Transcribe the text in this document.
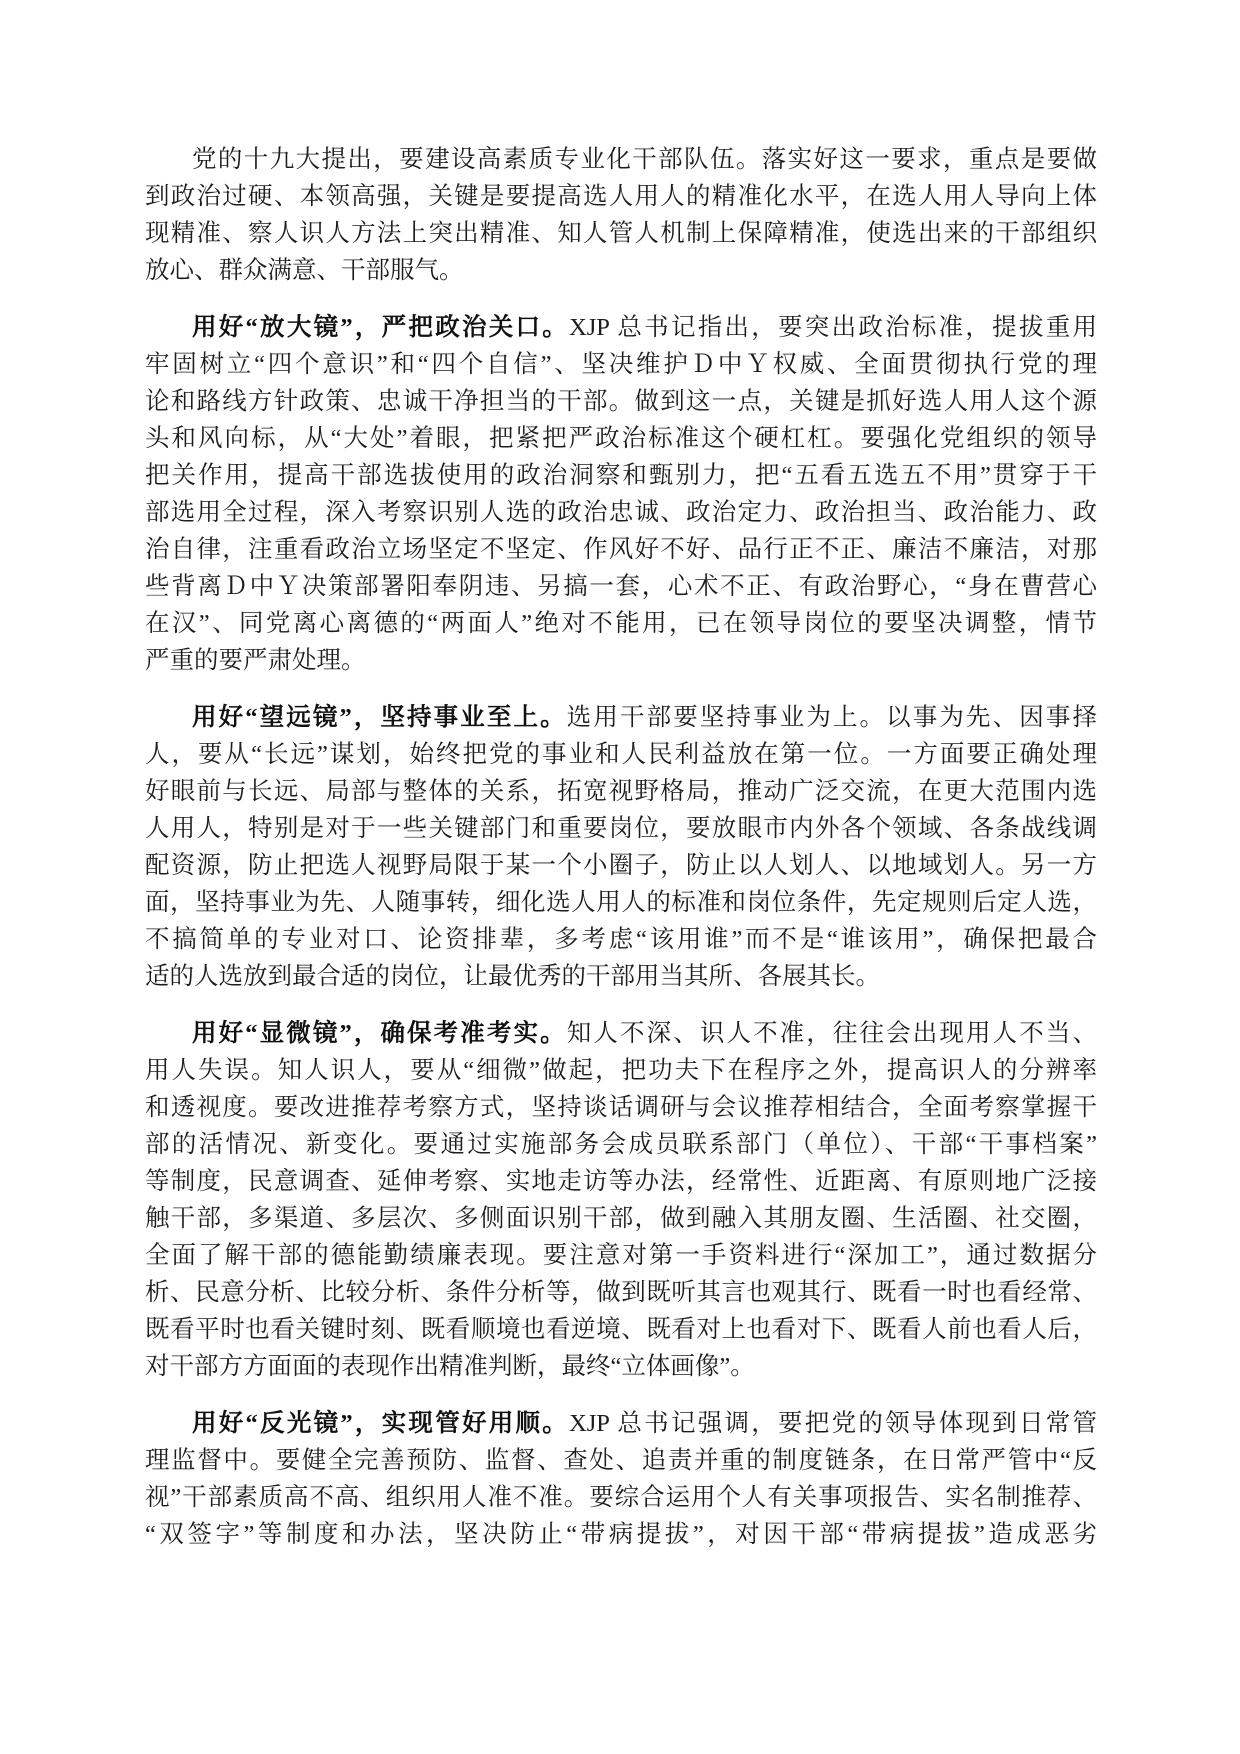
党的十九大提出，要建设高素质专业化干部队伍。落实好这一要求，重点是要做
到政治过硬、本领高强，关键是要提高选人用人的精准化水平，在选人用人导向上体
现精准、察人识人方法上突出精准、知人管人机制上保障精准，使选出来的干部组织
放心、群众满意、干部服气。
用好“放大镜”，严把政治关口。XJP 总书记指出，要突出政治标准，提拔重用
牢固树立“四个意识”和“四个自信”、坚决维护Ｄ中Ｙ权威、全面贯彻执行党的理
论和路线方针政策、忠诚干净担当的干部。做到这一点，关键是抓好选人用人这个源
头和风向标，从“大处”着眼，把紧把严政治标准这个硬杠杠。要强化党组织的领导
把关作用，提高干部选拔使用的政治洞察和甄别力，把“五看五选五不用”贯穿于干
部选用全过程，深入考察识别人选的政治忠诚、政治定力、政治担当、政治能力、政
治自律，注重看政治立场坚定不坚定、作风好不好、品行正不正、廉洁不廉洁，对那
些背离Ｄ中Ｙ决策部署阳奉阴违、另搞一套，心术不正、有政治野心，“身在曹营心
在汉”、同党离心离德的“两面人”绝对不能用，已在领导岗位的要坚决调整，情节
严重的要严肃处理。
用好“望远镜”，坚持事业至上。选用干部要坚持事业为上。以事为先、因事择
人，要从“长远”谋划，始终把党的事业和人民利益放在第一位。一方面要正确处理
好眼前与长远、局部与整体的关系，拓宽视野格局，推动广泛交流，在更大范围内选
人用人，特别是对于一些关键部门和重要岗位，要放眼市内外各个领域、各条战线调
配资源，防止把选人视野局限于某一个小圈子，防止以人划人、以地域划人。另一方
面，坚持事业为先、人随事转，细化选人用人的标准和岗位条件，先定规则后定人选，
不搞简单的专业对口、论资排辈，多考虑“该用谁”而不是“谁该用”，确保把最合
适的人选放到最合适的岗位，让最优秀的干部用当其所、各展其长。
用好“显微镜”，确保考准考实。知人不深、识人不准，往往会出现用人不当、
用人失误。知人识人，要从“细微”做起，把功夫下在程序之外，提高识人的分辨率
和透视度。要改进推荐考察方式，坚持谈话调研与会议推荐相结合，全面考察掌握干
部的活情况、新变化。要通过实施部务会成员联系部门（单位）、干部“干事档案”
等制度，民意调查、延伸考察、实地走访等办法，经常性、近距离、有原则地广泛接
触干部，多渠道、多层次、多侧面识别干部，做到融入其朋友圈、生活圈、社交圈，
全面了解干部的德能勤绩廉表现。要注意对第一手资料进行“深加工”，通过数据分
析、民意分析、比较分析、条件分析等，做到既听其言也观其行、既看一时也看经常、
既看平时也看关键时刻、既看顺境也看逆境、既看对上也看对下、既看人前也看人后，
对干部方方面面的表现作出精准判断，最终“立体画像”。
用好“反光镜”，实现管好用顺。XJP 总书记强调，要把党的领导体现到日常管
理监督中。要健全完善预防、监督、查处、追责并重的制度链条，在日常严管中“反
视”干部素质高不高、组织用人准不准。要综合运用个人有关事项报告、实名制推荐、
“双签字”等制度和办法，坚决防止“带病提拔”，对因干部“带病提拔”造成恶劣
